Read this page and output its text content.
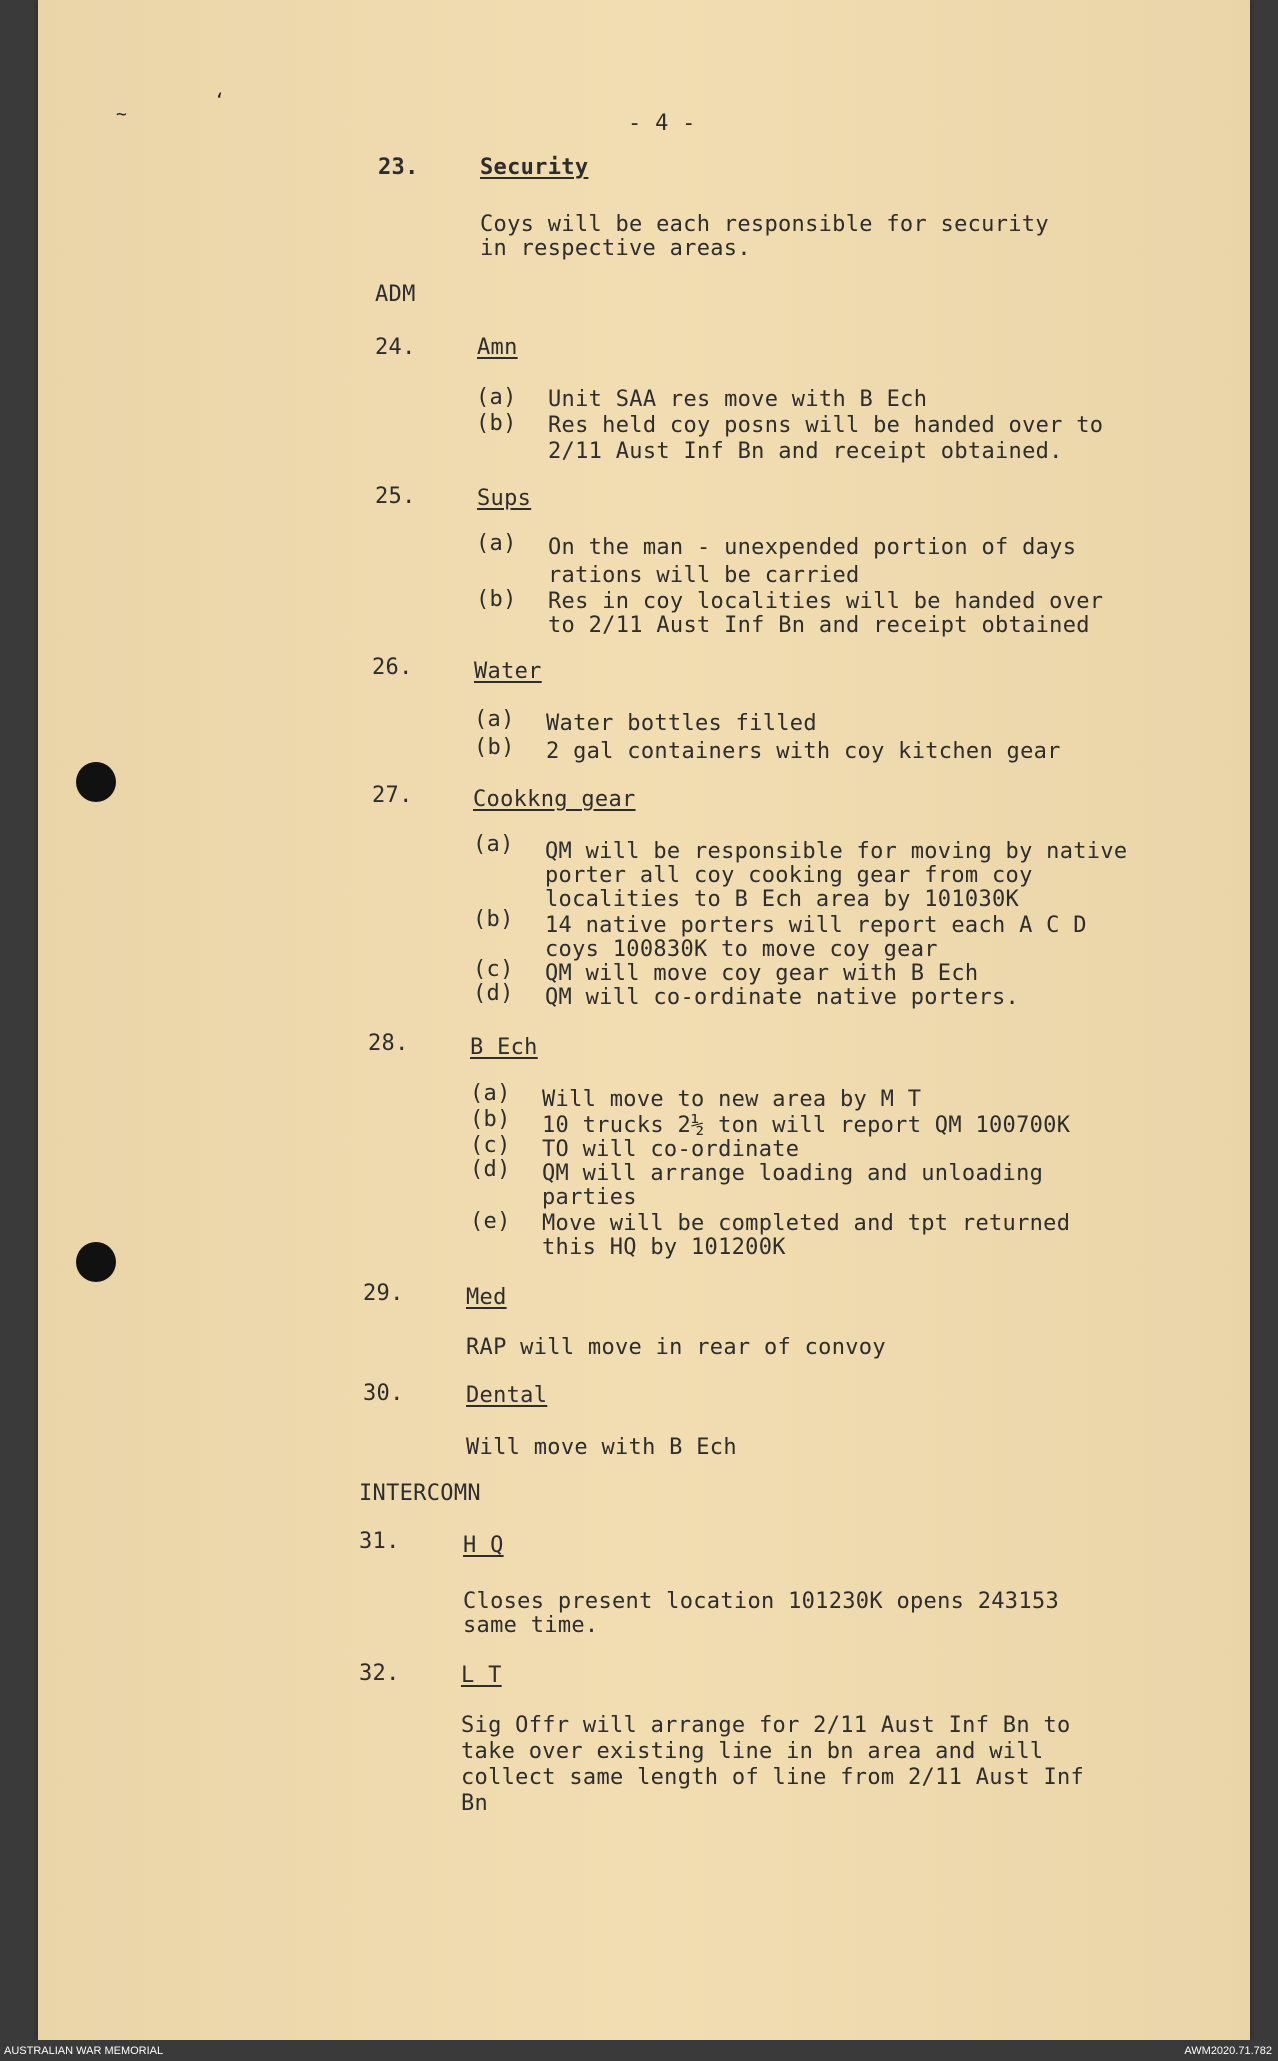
~
‘
- 4 -
23.	Security
Coys will be each responsible for security
in respective areas.
ADM
24.	Amn
(a) Unit SAA res move with B Ech
(b) Res held coy posns will be handed over to
2/11 Aust Inf Bn and receipt obtained.
25.	Sups
(a) On the man - unexpended portion of days
rations will be carried
(b) Res in coy localities will be handed over
to 2/11 Aust Inf Bn and receipt obtained
26.	Water
(a) Water bottles filled
(b) 2 gal containers with coy kitchen gear
27.	Cookkng gear
(a) QM will be responsible for moving by native
porter all coy cooking gear from coy
localities to B Ech area by 101030K
(b) 14 native porters will report each A C D
coys 100830K to move coy gear
(c) QM will move coy gear with B Ech
(d) QM will co-ordinate native porters.
28.	B Ech
(a) Will move to new area by M T
(b) 10 trucks 2½ ton will report QM 100700K
(c) TO will co-ordinate
(d) QM will arrange loading and unloading
parties
(e) Move will be completed and tpt returned
this HQ by 101200K
29.	Med
RAP will move in rear of convoy
30.	Dental
Will move with B Ech
INTERCOMN
31.	H Q
Closes present location 101230K opens 243153
same time.
32.	L T
Sig Offr will arrange for 2/11 Aust Inf Bn to
take over existing line in bn area and will
collect same length of line from 2/11 Aust Inf
Bn
AUSTRALIAN WAR MEMORIAL	AWM2020.71.782
